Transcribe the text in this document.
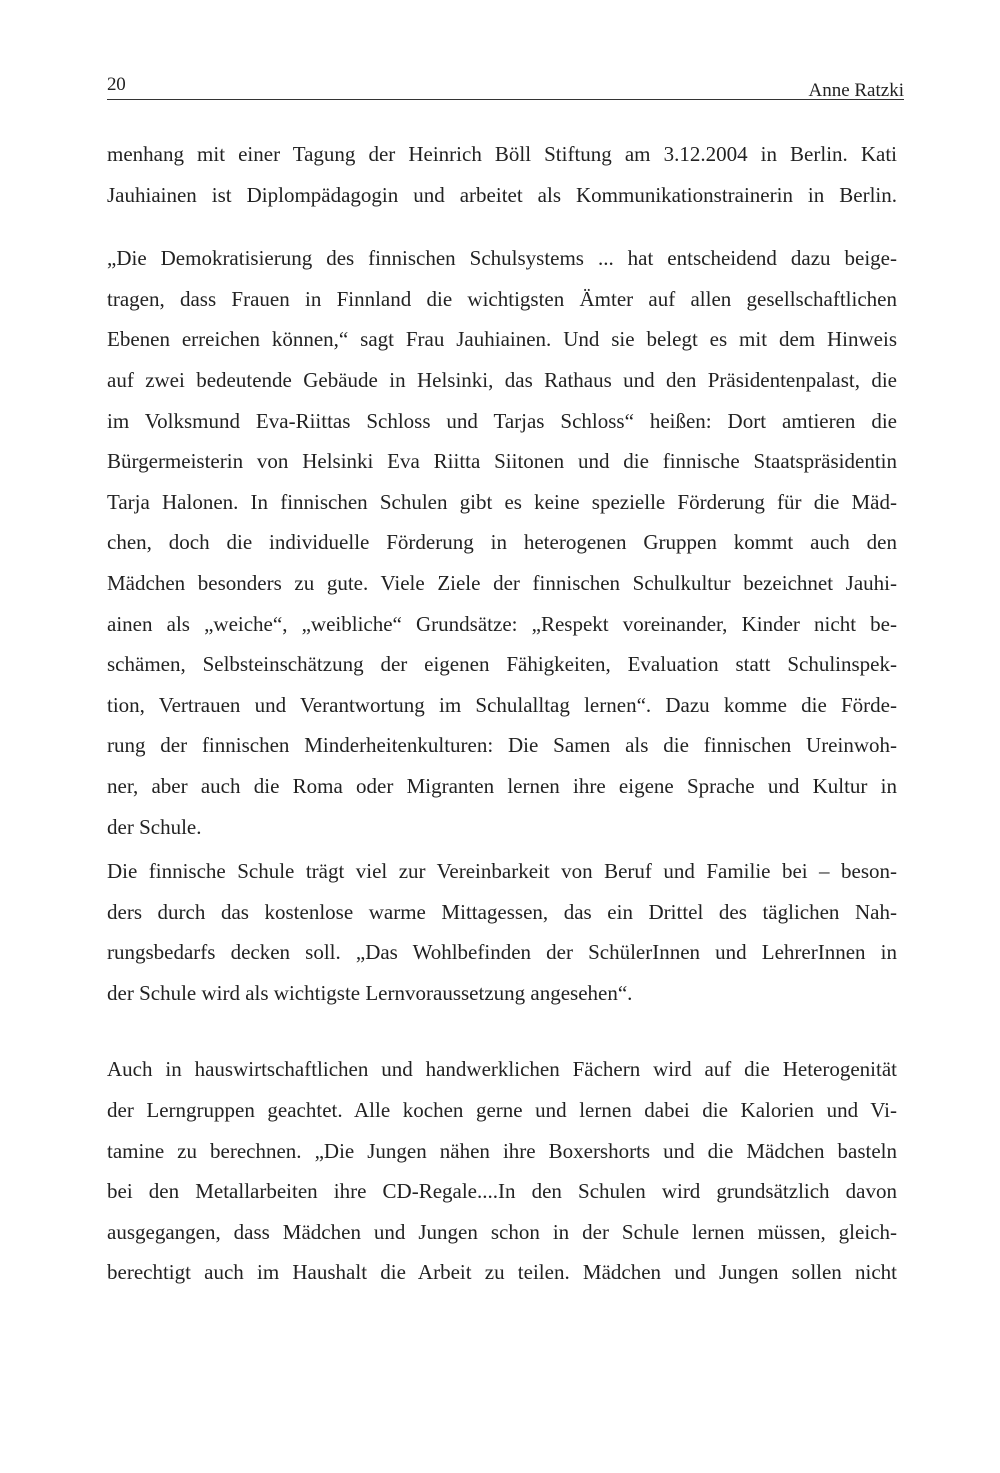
20	Anne Ratzki
menhang mit einer Tagung der Heinrich Böll Stiftung am 3.12.2004 in Berlin. Kati
Jauhiainen ist Diplompädagogin und arbeitet als Kommunikationstrainerin in Berlin.
„Die Demokratisierung des finnischen Schulsystems ... hat entscheidend dazu beige-
tragen, dass Frauen in Finnland die wichtigsten Ämter auf allen gesellschaftlichen
Ebenen erreichen können,“ sagt Frau Jauhiainen. Und sie belegt es mit dem Hinweis
auf zwei bedeutende Gebäude in Helsinki, das Rathaus und den Präsidentenpalast, die
im Volksmund Eva-Riittas Schloss und Tarjas Schloss“ heißen: Dort amtieren die
Bürgermeisterin von Helsinki Eva Riitta Siitonen und die finnische Staatspräsidentin
Tarja Halonen. In finnischen Schulen gibt es keine spezielle Förderung für die Mäd-
chen, doch die individuelle Förderung in heterogenen Gruppen kommt auch den
Mädchen besonders zu gute. Viele Ziele der finnischen Schulkultur bezeichnet Jauhi-
ainen als „weiche“, „weibliche“ Grundsätze: „Respekt voreinander, Kinder nicht be-
schämen, Selbsteinschätzung der eigenen Fähigkeiten, Evaluation statt Schulinspek-
tion, Vertrauen und Verantwortung im Schulalltag lernen“. Dazu komme die Förde-
rung der finnischen Minderheitenkulturen: Die Samen als die finnischen Ureinwoh-
ner, aber auch die Roma oder Migranten lernen ihre eigene Sprache und Kultur in
der Schule.
Die finnische Schule trägt viel zur Vereinbarkeit von Beruf und Familie bei – beson-
ders durch das kostenlose warme Mittagessen, das ein Drittel des täglichen Nah-
rungsbedarfs decken soll. „Das Wohlbefinden der SchülerInnen und LehrerInnen in
der Schule wird als wichtigste Lernvoraussetzung angesehen“.
Auch in hauswirtschaftlichen und handwerklichen Fächern wird auf die Heterogenität
der Lerngruppen geachtet. Alle kochen gerne und lernen dabei die Kalorien und Vi-
tamine zu berechnen. „Die Jungen nähen ihre Boxershorts und die Mädchen basteln
bei den Metallarbeiten ihre CD-Regale....In den Schulen wird grundsätzlich davon
ausgegangen, dass Mädchen und Jungen schon in der Schule lernen müssen, gleich-
berechtigt auch im Haushalt die Arbeit zu teilen. Mädchen und Jungen sollen nicht
